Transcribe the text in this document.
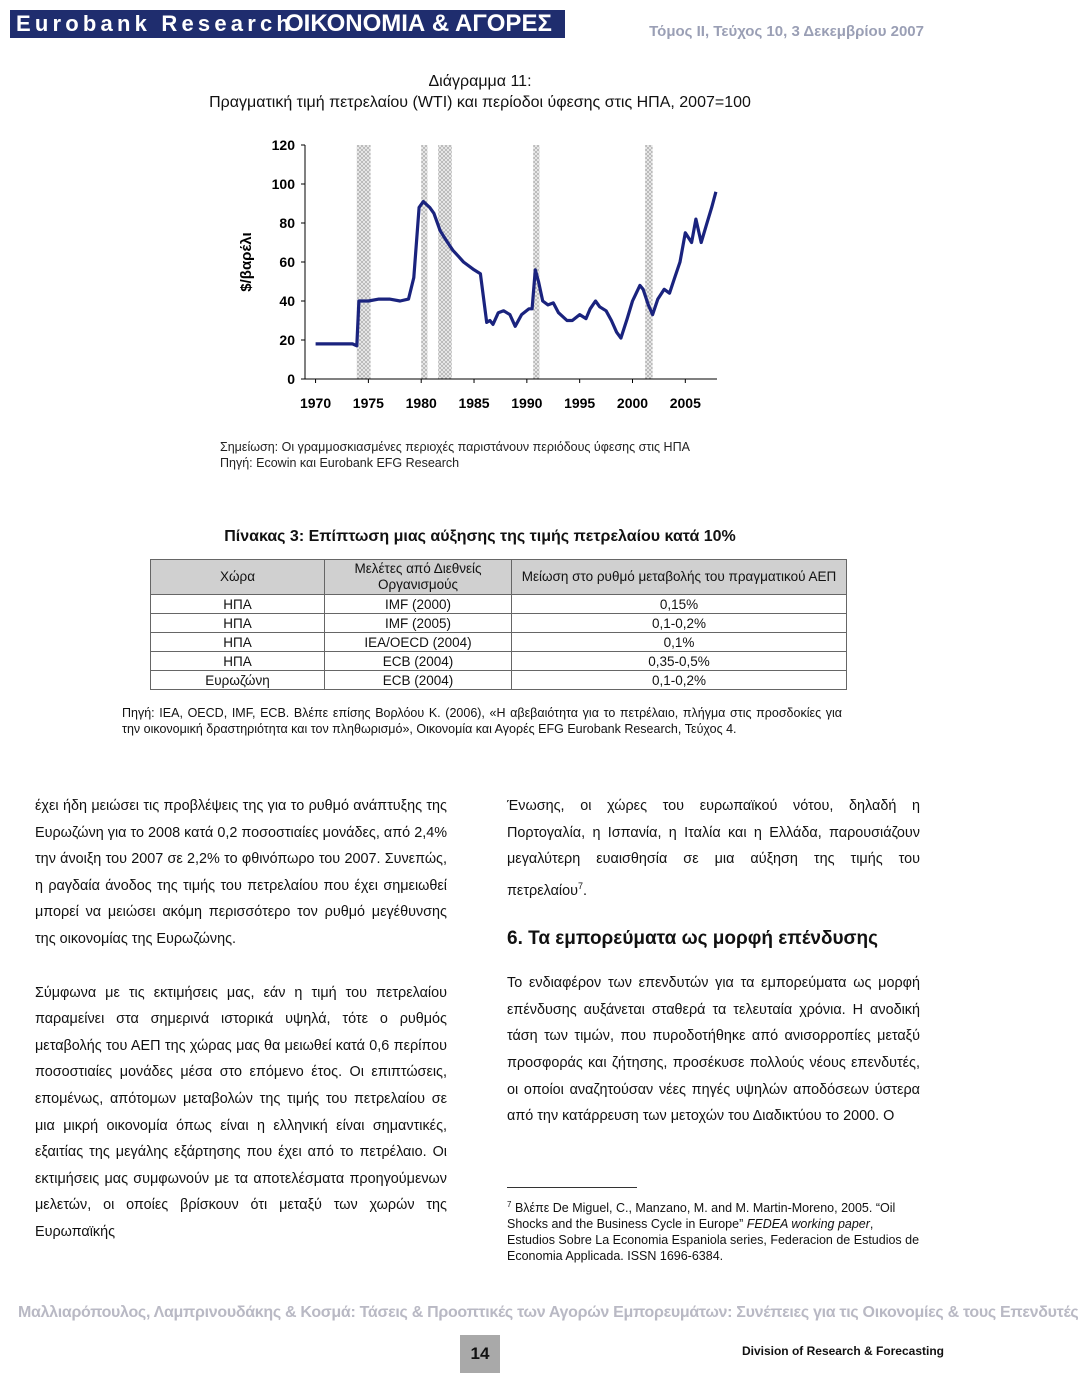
Eurobank Research
ΟΙΚΟΝΟΜΙΑ & ΑΓΟΡΕΣ	Τόμος ΙΙ, Τεύχος 10, 3 Δεκεμβρίου 2007
Διάγραμμα 11:
Πραγματική τιμή πετρελαίου (WTI) και περίοδοι ύφεσης στις ΗΠΑ, 2007=100
0
20
40
60
80
100
120
1970 1975 1980 1985 1990 1995 2000 2005
$/βαρέλι
Σημείωση: Οι γραμμοσκιασμένες περιοχές παριστάνουν περιόδους ύφεσης στις ΗΠΑ
Πηγή: Ecowin και Eurobank EFG Research
Πίνακας 3: Επίπτωση μιας αύξησης της τιμής πετρελαίου κατά 10%
Χώρα	Μελέτες από Διεθνείς Οργανισμούς	Μείωση στο ρυθμό μεταβολής του πραγματικού ΑΕΠ
ΗΠΑ	IMF (2000)	0,15%
ΗΠΑ	IMF (2005)	0,1-0,2%
ΗΠΑ	IEA/OECD (2004)	0,1%
ΗΠΑ	ECB (2004)	0,35-0,5%
Ευρωζώνη	ECB (2004)	0,1-0,2%
Πηγή: IEA, OECD, IMF, ECB. Βλέπε επίσης Βορλόου Κ. (2006), «Η αβεβαιότητα για το πετρέλαιο, πλήγμα στις προσδοκίες για την οικονομική δραστηριότητα και τον πληθωρισμό», Οικονομία και Αγορές EFG Eurobank Research, Τεύχος 4.

έχει ήδη μειώσει τις προβλέψεις της για το ρυθμό ανάπτυξης της Ευρωζώνη για το 2008 κατά 0,2 ποσοστιαίες μονάδες, από 2,4% την άνοιξη του 2007 σε 2,2% το φθινόπωρο του 2007. Συνεπώς, η ραγδαία άνοδος της τιμής του πετρελαίου που έχει σημειωθεί μπορεί να μειώσει ακόμη περισσότερο τον ρυθμό μεγέθυνσης της οικονομίας της Ευρωζώνης.

Σύμφωνα με τις εκτιμήσεις μας, εάν η τιμή του πετρελαίου παραμείνει στα σημερινά ιστορικά υψηλά, τότε ο ρυθμός μεταβολής του ΑΕΠ της χώρας μας θα μειωθεί κατά 0,6 περίπου ποσοστιαίες μονάδες μέσα στο επόμενο έτος. Οι επιπτώσεις, επομένως, απότομων μεταβολών της τιμής του πετρελαίου σε μια μικρή οικονομία όπως είναι η ελληνική είναι σημαντικές, εξαιτίας της μεγάλης εξάρτησης που έχει από το πετρέλαιο. Οι εκτιμήσεις μας συμφωνούν με τα αποτελέσματα προηγούμενων μελετών, οι οποίες βρίσκουν ότι μεταξύ των χωρών της Ευρωπαϊκής

Ένωσης, οι χώρες του ευρωπαϊκού νότου, δηλαδή η Πορτογαλία, η Ισπανία, η Ιταλία και η Ελλάδα, παρουσιάζουν μεγαλύτερη ευαισθησία σε μια αύξηση της τιμής του πετρελαίου$^7$.

6. Τα εμπορεύματα ως μορφή επένδυσης

Το ενδιαφέρον των επενδυτών για τα εμπορεύματα ως μορφή επένδυσης αυξάνεται σταθερά τα τελευταία χρόνια. Η ανοδική τάση των τιμών, που πυροδοτήθηκε από ανισορροπίες μεταξύ προσφοράς και ζήτησης, προσέκυσε πολλούς νέους επενδυτές, οι οποίοι αναζητούσαν νέες πηγές υψηλών αποδόσεων ύστερα από την κατάρρευση των μετοχών του Διαδικτύου το 2000. Ο

$^7$ Βλέπε De Miguel, C., Manzano, M. and M. Martin-Moreno, 2005. “Oil Shocks and the Business Cycle in Europe” FEDEA working paper, Estudios Sobre La Economia Espaniola series, Federacion de Estudios de Economia Applicada. ISSN 1696-6384.
Μαλλιαρόπουλος, Λαμπρινουδάκης & Κοσμά: Τάσεις & Προοπτικές των Αγορών Εμπορευμάτων: Συνέπειες για τις Οικονομίες & τους Επενδυτές
14	Division of Research & Forecasting
